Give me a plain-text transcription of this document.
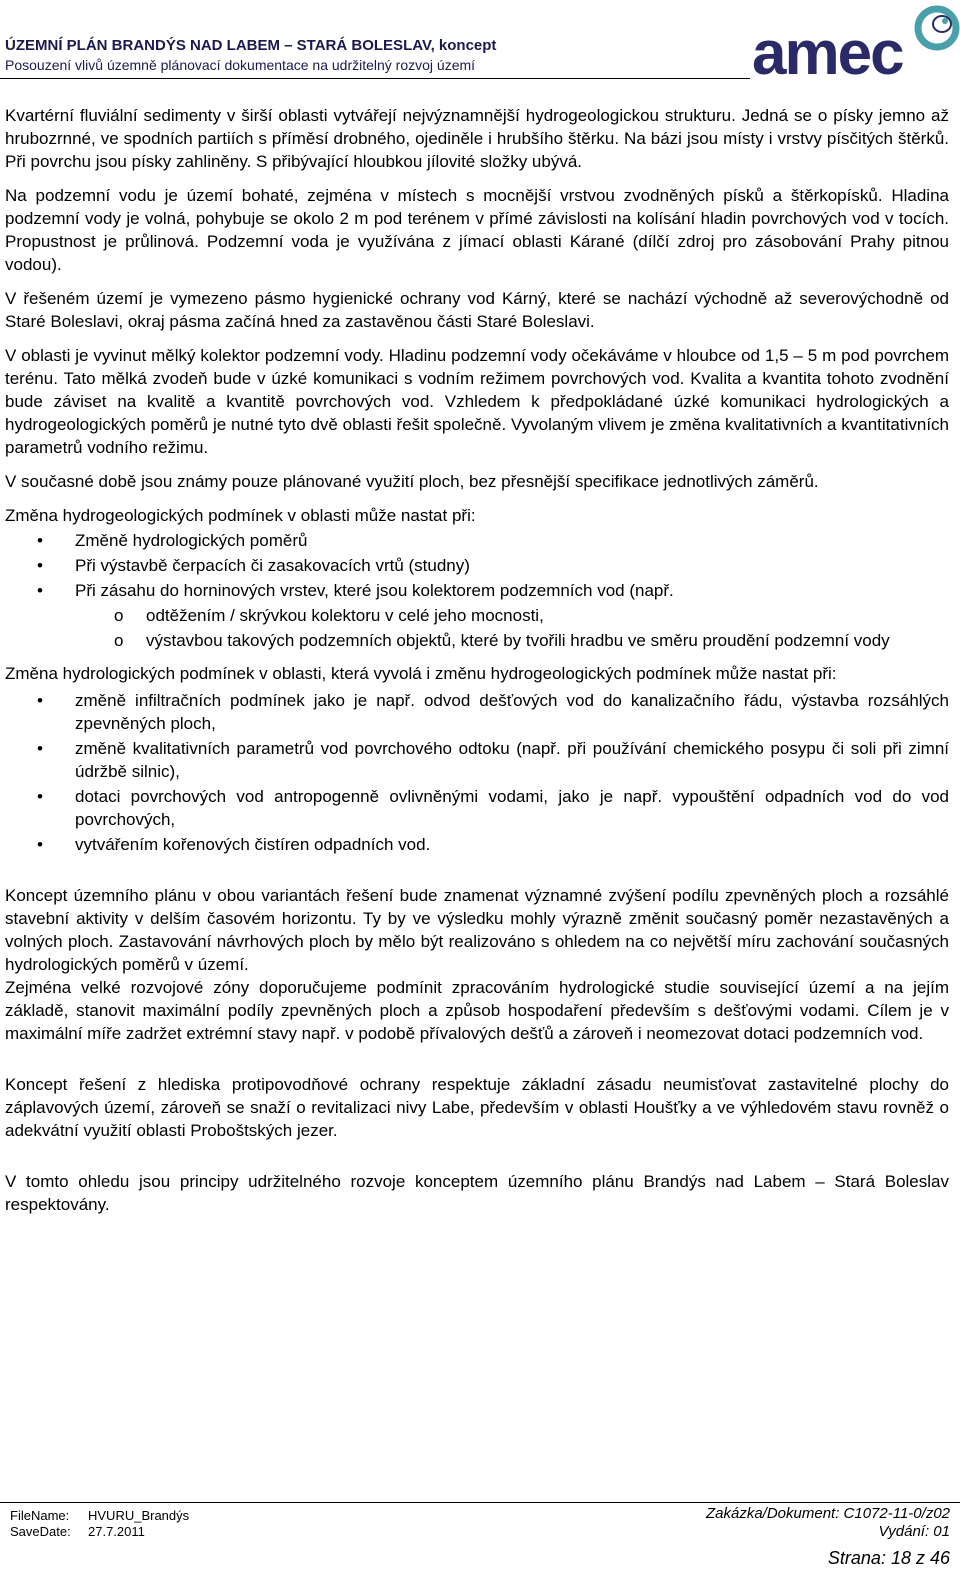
ÚZEMNÍ PLÁN BRANDÝS NAD LABEM – STARÁ BOLESLAV, koncept
Posouzení vlivů územně plánovací dokumentace na udržitelný rozvoj území	amec

Kvartérní fluviální sedimenty v širší oblasti vytvářejí nejvýznamnější hydrogeologickou strukturu. Jedná se o písky jemno až hrubozrnné, ve spodních partiích s příměsí drobného, ojediněle i hrubšího štěrku. Na bázi jsou místy i vrstvy písčitých štěrků. Při povrchu jsou písky zahliněny. S přibývající hloubkou jílovité složky ubývá.

Na podzemní vodu je území bohaté, zejména v místech s mocnější vrstvou zvodněných písků a štěrkopísků. Hladina podzemní vody je volná, pohybuje se okolo 2 m pod terénem v přímé závislosti na kolísání hladin povrchových vod v tocích. Propustnost je průlinová. Podzemní voda je využívána z jímací oblasti Kárané (dílčí zdroj pro zásobování Prahy pitnou vodou).

V řešeném území je vymezeno pásmo hygienické ochrany vod Kárný, které se nachází východně až severovýchodně od Staré Boleslavi, okraj pásma začíná hned za zastavěnou části Staré Boleslavi.

V oblasti je vyvinut mělký kolektor podzemní vody. Hladinu podzemní vody očekáváme v hloubce od 1,5 – 5 m pod povrchem terénu. Tato mělká zvodeň bude v úzké komunikaci s vodním režimem povrchových vod. Kvalita a kvantita tohoto zvodnění bude záviset na kvalitě a kvantitě povrchových vod. Vzhledem k předpokládané úzké komunikaci hydrologických a hydrogeologických poměrů je nutné tyto dvě oblasti řešit společně. Vyvolaným vlivem je změna kvalitativních a kvantitativních parametrů vodního režimu.

V současné době jsou známy pouze plánované využití ploch, bez přesnější specifikace jednotlivých záměrů.

Změna hydrogeologických podmínek v oblasti může nastat při:

• Změně hydrologických poměrů
• Při výstavbě čerpacích či zasakovacích vrtů (studny)
• Při zásahu do horninových vrstev, které jsou kolektorem podzemních vod (např.
o odtěžením / skrývkou kolektoru v celé jeho mocnosti,
o výstavbou takových podzemních objektů, které by tvořili hradbu ve směru proudění podzemní vody

Změna hydrologických podmínek v oblasti, která vyvolá i změnu hydrogeologických podmínek může nastat při:

• změně infiltračních podmínek jako je např. odvod dešťových vod do kanalizačního řádu, výstavba rozsáhlých zpevněných ploch,
• změně kvalitativních parametrů vod povrchového odtoku (např. při používání chemického posypu či soli při zimní údržbě silnic),
• dotaci povrchových vod antropogenně ovlivněnými vodami, jako je např. vypouštění odpadních vod do vod povrchových,
• vytvářením kořenových čistíren odpadních vod.

Koncept územního plánu v obou variantách řešení bude znamenat významné zvýšení podílu zpevněných ploch a rozsáhlé stavební aktivity v delším časovém horizontu. Ty by ve výsledku mohly výrazně změnit současný poměr nezastavěných a volných ploch. Zastavování návrhových ploch by mělo být realizováno s ohledem na co největší míru zachování současných hydrologických poměrů v území.

Zejména velké rozvojové zóny doporučujeme podmínit zpracováním hydrologické studie související území a na jejím základě, stanovit maximální podíly zpevněných ploch a způsob hospodaření především s dešťovými vodami. Cílem je v maximální míře zadržet extrémní stavy např. v podobě přívalových dešťů a zároveň i neomezovat dotaci podzemních vod.

Koncept řešení z hlediska protipovodňové ochrany respektuje základní zásadu neumisťovat zastavitelné plochy do záplavových území, zároveň se snaží o revitalizaci nivy Labe, především v oblasti Houšťky a ve výhledovém stavu rovněž o adekvátní využití oblasti Proboštských jezer.

V tomto ohledu jsou principy udržitelného rozvoje konceptem územního plánu Brandýs nad Labem – Stará Boleslav respektovány.

FileName: HVURU_Brandýs
SaveDate: 27.7.2011
Zakázka/Dokument: C1072-11-0/z02
Vydání: 01
Strana: 18 z 46
